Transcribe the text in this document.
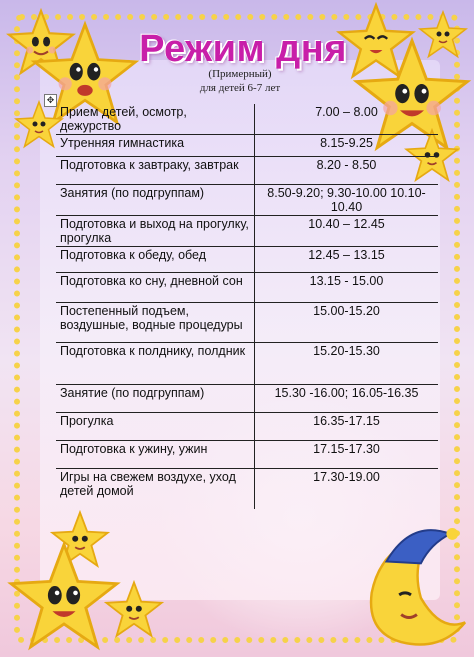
Режим дня
(Примерный)
для детей 6-7 лет
✥
Прием детей, осмотр, дежурство	7.00 – 8.00
Утренняя гимнастика	8.15-9.25
Подготовка к завтраку, завтрак	8.20 - 8.50
Занятия (по подгруппам)	8.50-9.20; 9.30-10.00 10.10-10.40
Подготовка и выход на прогулку, прогулка	10.40 – 12.45
Подготовка к обеду, обед	12.45 – 13.15
Подготовка ко сну, дневной сон	13.15 - 15.00
Постепенный подъем, воздушные, водные процедуры	15.00-15.20
Подготовка к полднику, полдник	15.20-15.30
Занятие (по подгруппам)	15.30 -16.00; 16.05-16.35
Прогулка	16.35-17.15
Подготовка к ужину, ужин	17.15-17.30
Игры на свежем воздухе, уход детей домой	17.30-19.00
